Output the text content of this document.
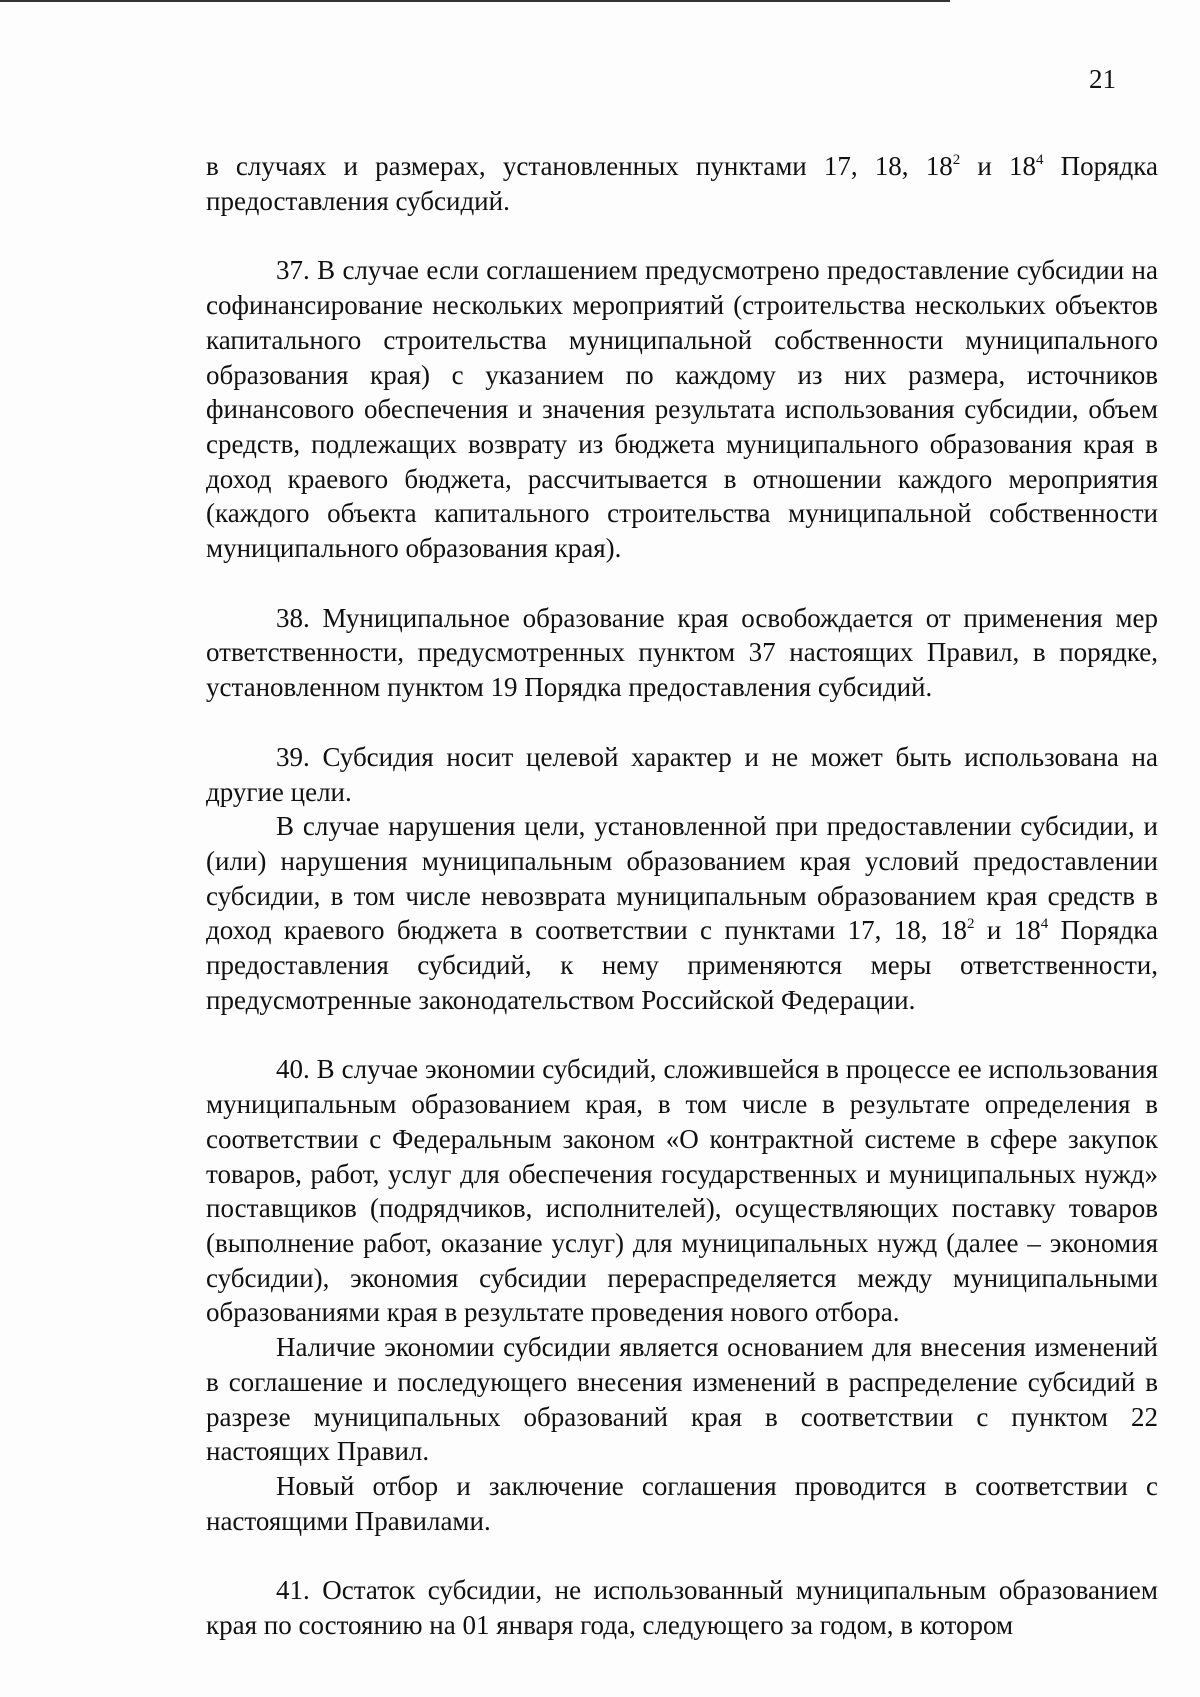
21

в случаях и размерах, установленных пунктами 17, 18, $18^2$ и $18^4$ Порядка предоставления субсидий.

37. В случае если соглашением предусмотрено предоставление субсидии на софинансирование нескольких мероприятий (строительства нескольких объектов капитального строительства муниципальной собственности муниципального образования края) с указанием по каждому из них размера, источников финансового обеспечения и значения результата использования субсидии, объем средств, подлежащих возврату из бюджета муниципального образования края в доход краевого бюджета, рассчитывается в отношении каждого мероприятия (каждого объекта капитального строительства муниципальной собственности муниципального образования края).

38. Муниципальное образование края освобождается от применения мер ответственности, предусмотренных пунктом 37 настоящих Правил, в порядке, установленном пунктом 19 Порядка предоставления субсидий.

39. Субсидия носит целевой характер и не может быть использована на другие цели.

В случае нарушения цели, установленной при предоставлении субсидии, и (или) нарушения муниципальным образованием края условий предоставлении субсидии, в том числе невозврата муниципальным образованием края средств в доход краевого бюджета в соответствии с пунктами 17, 18, $18^2$ и $18^4$ Порядка предоставления субсидий, к нему применяются меры ответственности, предусмотренные законодательством Российской Федерации.

40. В случае экономии субсидий, сложившейся в процессе ее использования муниципальным образованием края, в том числе в результате определения в соответствии с Федеральным законом «О контрактной системе в сфере закупок товаров, работ, услуг для обеспечения государственных и муниципальных нужд» поставщиков (подрядчиков, исполнителей), осуществляющих поставку товаров (выполнение работ, оказание услуг) для муниципальных нужд (далее – экономия субсидии), экономия субсидии перераспределяется между муниципальными образованиями края в результате проведения нового отбора.

Наличие экономии субсидии является основанием для внесения изменений в соглашение и последующего внесения изменений в распределение субсидий в разрезе муниципальных образований края в соответствии с пунктом 22 настоящих Правил.

Новый отбор и заключение соглашения проводится в соответствии с настоящими Правилами.

41. Остаток субсидии, не использованный муниципальным образованием края по состоянию на 01 января года, следующего за годом, в котором
